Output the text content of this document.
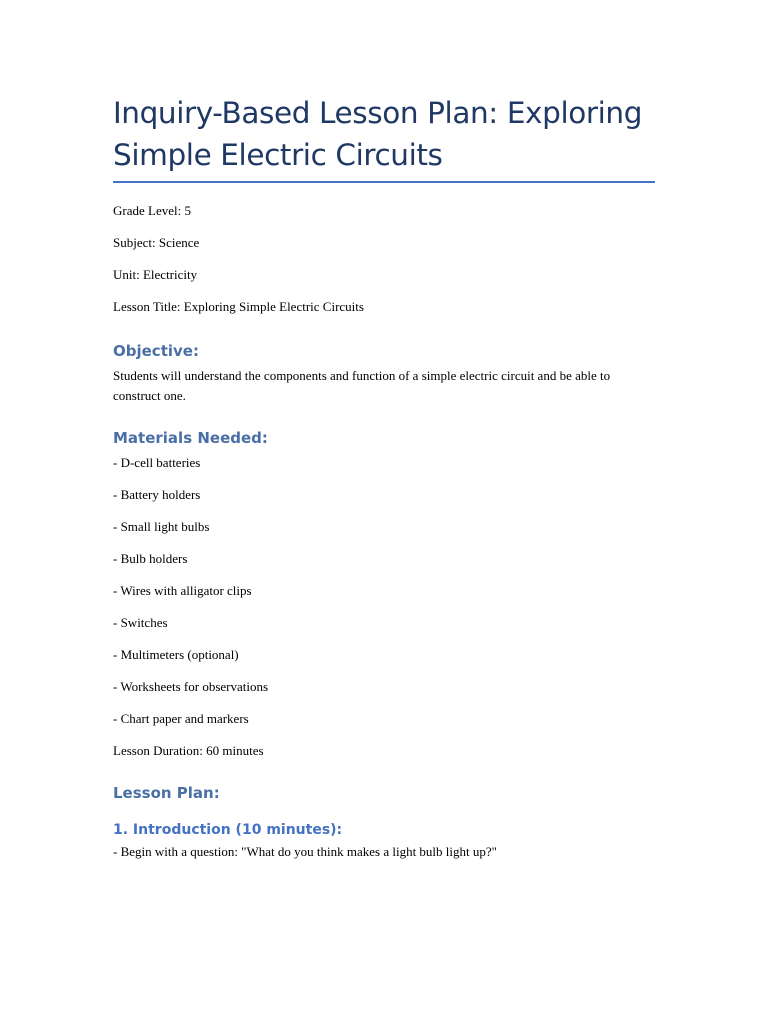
Inquiry-Based Lesson Plan: Exploring Simple Electric Circuits

Grade Level: 5

Subject: Science

Unit: Electricity

Lesson Title: Exploring Simple Electric Circuits

Objective:

Students will understand the components and function of a simple electric circuit and be able to construct one.

Materials Needed:

- D-cell batteries

- Battery holders

- Small light bulbs

- Bulb holders

- Wires with alligator clips

- Switches

- Multimeters (optional)

- Worksheets for observations

- Chart paper and markers

Lesson Duration: 60 minutes

Lesson Plan:
1. Introduction (10 minutes):

- Begin with a question: "What do you think makes a light bulb light up?"
